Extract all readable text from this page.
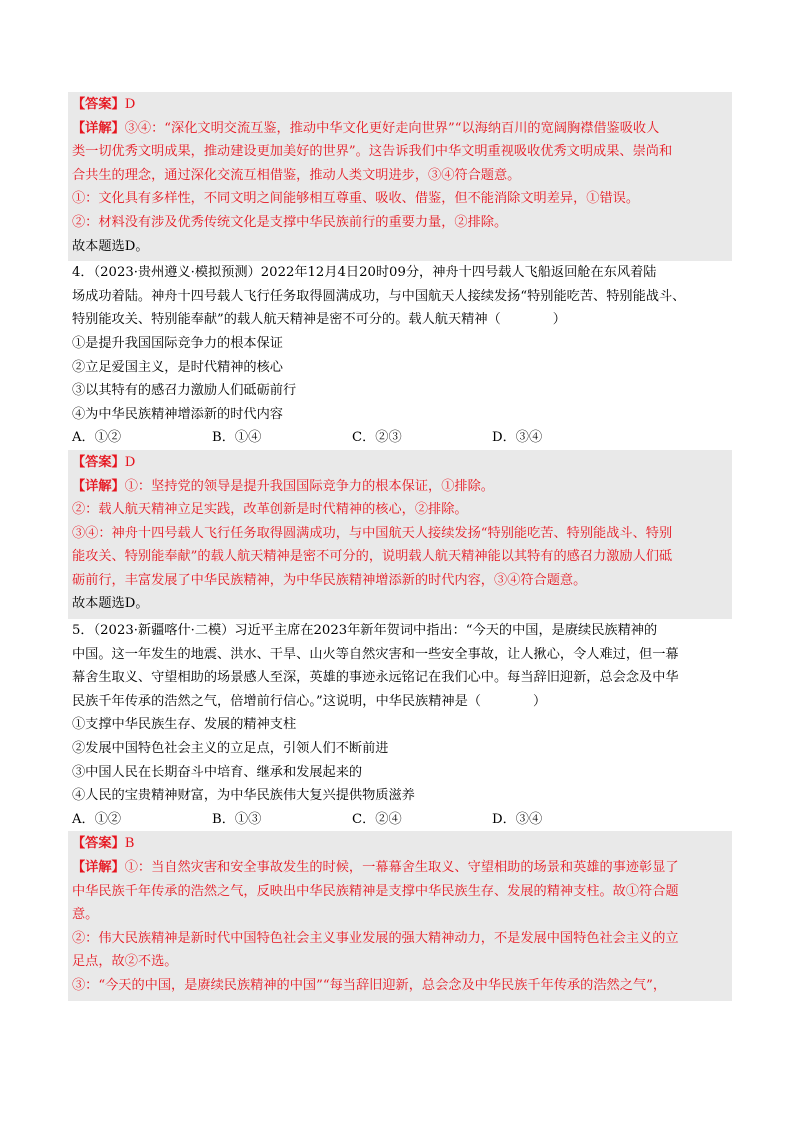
【答案】D
【详解】③④：“深化文明交流互鉴，推动中华文化更好走向世界”“以海纳百川的宽阔胸襟借鉴吸收人
类一切优秀文明成果，推动建设更加美好的世界”。这告诉我们中华文明重视吸收优秀文明成果、崇尚和
合共生的理念，通过深化交流互相借鉴，推动人类文明进步，③④符合题意。
①：文化具有多样性，不同文明之间能够相互尊重、吸收、借鉴，但不能消除文明差异，①错误。
②：材料没有涉及优秀传统文化是支撑中华民族前行的重要力量，②排除。
故本题选D。
4．（2023·贵州遵义·模拟预测）2022年12月4日20时09分，神舟十四号载人飞船返回舱在东风着陆
场成功着陆。神舟十四号载人飞行任务取得圆满成功，与中国航天人接续发扬“特别能吃苦、特别能战斗、
特别能攻关、特别能奉献”的载人航天精神是密不可分的。载人航天精神（	）
①是提升我国国际竞争力的根本保证
②立足爱国主义，是时代精神的核心
③以其特有的感召力激励人们砥砺前行
④为中华民族精神增添新的时代内容
A．①②	B．①④	C．②③	D．③④
【答案】D
【详解】①：坚持党的领导是提升我国国际竞争力的根本保证，①排除。
②：载人航天精神立足实践，改革创新是时代精神的核心，②排除。
③④：神舟十四号载人飞行任务取得圆满成功，与中国航天人接续发扬“特别能吃苦、特别能战斗、特别
能攻关、特别能奉献”的载人航天精神是密不可分的，说明载人航天精神能以其特有的感召力激励人们砥
砺前行，丰富发展了中华民族精神，为中华民族精神增添新的时代内容，③④符合题意。
故本题选D。
5．（2023·新疆喀什·二模）习近平主席在2023年新年贺词中指出：“今天的中国，是赓续民族精神的
中国。这一年发生的地震、洪水、干旱、山火等自然灾害和一些安全事故，让人揪心，令人难过，但一幕
幕舍生取义、守望相助的场景感人至深，英雄的事迹永远铭记在我们心中。每当辞旧迎新，总会念及中华
民族千年传承的浩然之气，倍增前行信心。”这说明，中华民族精神是（	）
①支撑中华民族生存、发展的精神支柱
②发展中国特色社会主义的立足点，引领人们不断前进
③中国人民在长期奋斗中培育、继承和发展起来的
④人民的宝贵精神财富，为中华民族伟大复兴提供物质滋养
A．①②	B．①③	C．②④	D．③④
【答案】B
【详解】①：当自然灾害和安全事故发生的时候，一幕幕舍生取义、守望相助的场景和英雄的事迹彰显了
中华民族千年传承的浩然之气，反映出中华民族精神是支撑中华民族生存、发展的精神支柱。故①符合题
意。
②：伟大民族精神是新时代中国特色社会主义事业发展的强大精神动力，不是发展中国特色社会主义的立
足点，故②不选。
③：“今天的中国，是赓续民族精神的中国”“每当辞旧迎新，总会念及中华民族千年传承的浩然之气”，
